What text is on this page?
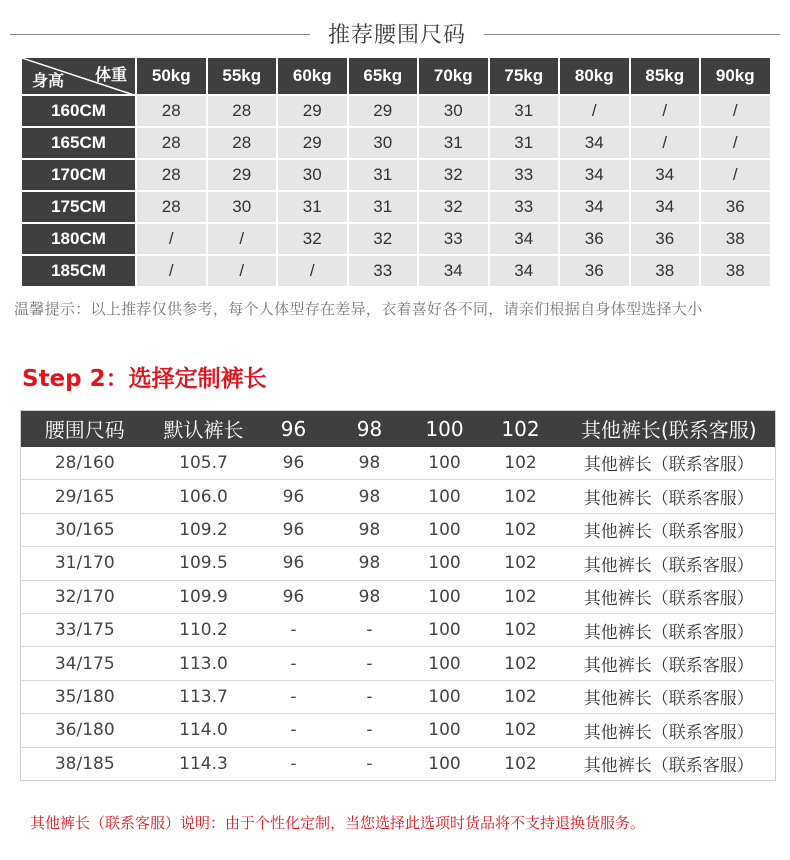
推荐腰围尺码
体重
身高	50kg	55kg	60kg	65kg	70kg	75kg	80kg	85kg	90kg
160CM	28	28	29	29	30	31	/	/	/
165CM	28	28	29	30	31	31	34	/	/
170CM	28	29	30	31	32	33	34	34	/
175CM	28	30	31	31	32	33	34	34	36
180CM	/	/	32	32	33	34	36	36	38
185CM	/	/	/	33	34	34	36	38	38
温馨提示：以上推荐仅供参考，每个人体型存在差异，衣着喜好各不同，请亲们根据自身体型选择大小
Step 2：选择定制裤长
腰围尺码	默认裤长	96	98	100	102	其他裤长(联系客服)
28/160	105.7	96	98	100	102	其他裤长（联系客服）
29/165	106.0	96	98	100	102	其他裤长（联系客服）
30/165	109.2	96	98	100	102	其他裤长（联系客服）
31/170	109.5	96	98	100	102	其他裤长（联系客服）
32/170	109.9	96	98	100	102	其他裤长（联系客服）
33/175	110.2	-	-	100	102	其他裤长（联系客服）
34/175	113.0	-	-	100	102	其他裤长（联系客服）
35/180	113.7	-	-	100	102	其他裤长（联系客服）
36/180	114.0	-	-	100	102	其他裤长（联系客服）
38/185	114.3	-	-	100	102	其他裤长（联系客服）
其他裤长（联系客服）说明：由于个性化定制，当您选择此选项时货品将不支持退换货服务。
